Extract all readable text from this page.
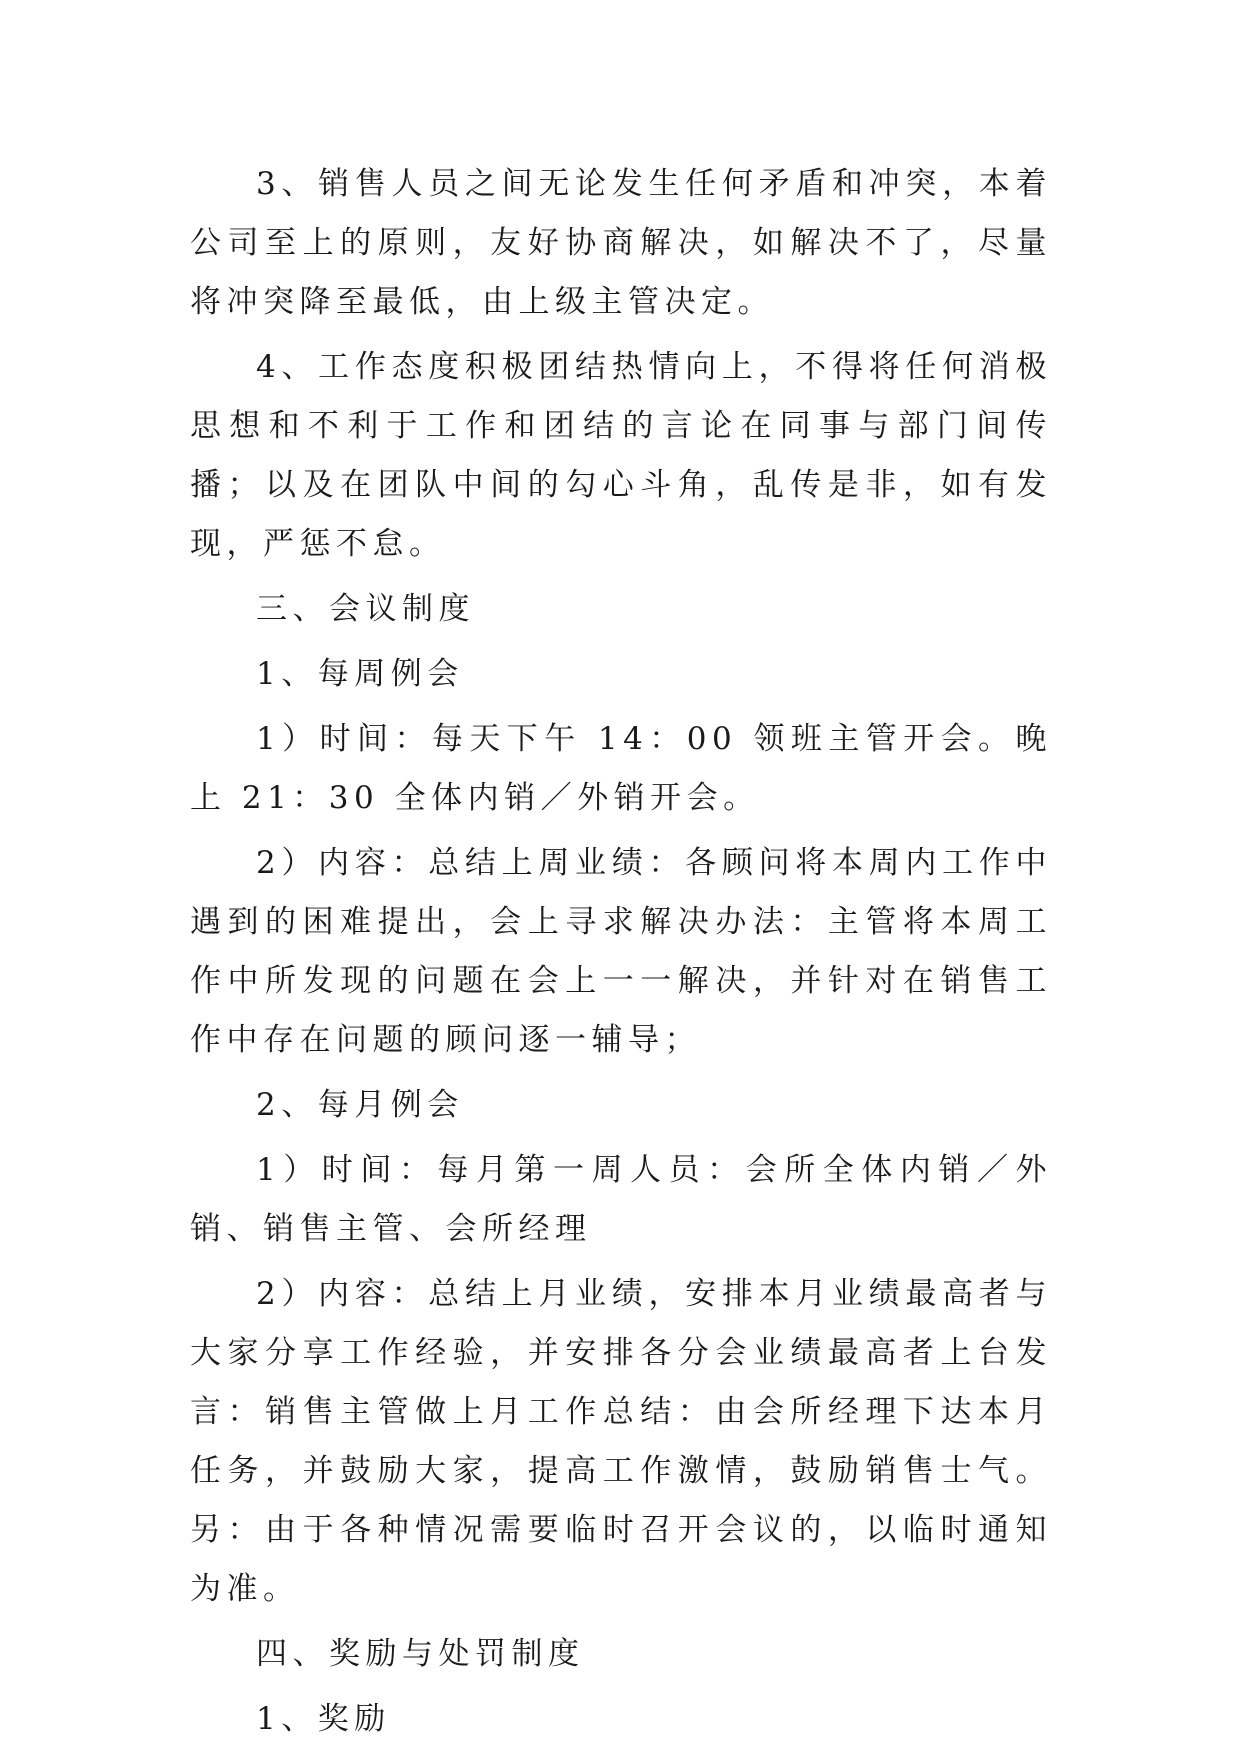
3、销售人员之间无论发生任何矛盾和冲突，本着公司至上的原则，友好协商解决，如解决不了，尽量将冲突降至最低，由上级主管决定。

4、工作态度积极团结热情向上，不得将任何消极思想和不利于工作和团结的言论在同事与部门间传播；以及在团队中间的勾心斗角，乱传是非，如有发现，严惩不怠。

三、会议制度

1、每周例会

1）时间：每天下午 14：00 领班主管开会。晚上 21：30 全体内销／外销开会。

2）内容：总结上周业绩：各顾问将本周内工作中遇到的困难提出，会上寻求解决办法：主管将本周工作中所发现的问题在会上一一解决，并针对在销售工作中存在问题的顾问逐一辅导；

2、每月例会

1）时间：每月第一周人员：会所全体内销／外销、销售主管、会所经理

2）内容：总结上月业绩，安排本月业绩最高者与大家分享工作经验，并安排各分会业绩最高者上台发言：销售主管做上月工作总结：由会所经理下达本月任务，并鼓励大家，提高工作激情，鼓励销售士气。另：由于各种情况需要临时召开会议的，以临时通知为准。

四、奖励与处罚制度

1、奖励
